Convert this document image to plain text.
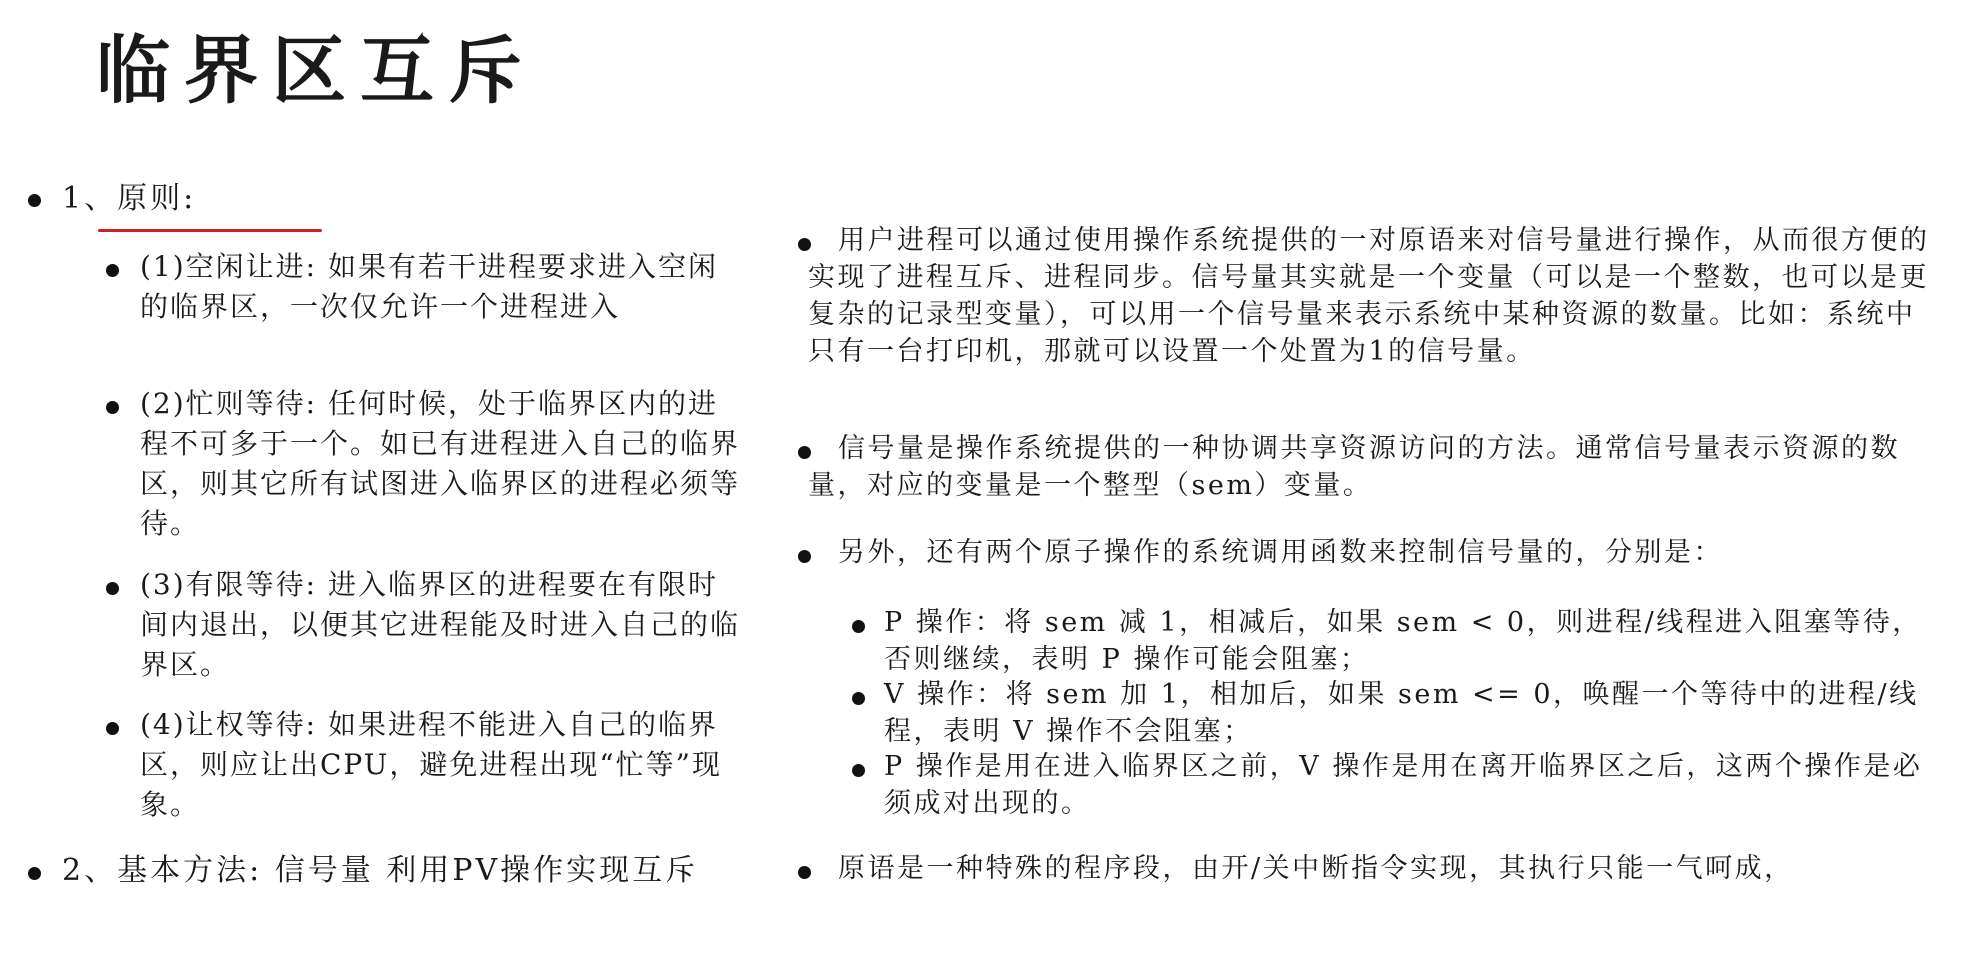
临界区互斥
1、原则:
(1)空闲让进: 如果有若干进程要求进入空闲的临界区，一次仅允许一个进程进入
(2)忙则等待: 任何时候，处于临界区内的进程不可多于一个。如已有进程进入自己的临界区，则其它所有试图进入临界区的进程必须等待。
(3)有限等待: 进入临界区的进程要在有限时间内退出，以便其它进程能及时进入自己的临界区。
(4)让权等待: 如果进程不能进入自己的临界区，则应让出CPU，避免进程出现“忙等”现象。
2、基本方法: 信号量 利用PV操作实现互斥
用户进程可以通过使用操作系统提供的一对原语来对信号量进行操作，从而很方便的实现了进程互斥、进程同步。信号量其实就是一个变量（可以是一个整数，也可以是更复杂的记录型变量），可以用一个信号量来表示系统中某种资源的数量。比如：系统中只有一台打印机，那就可以设置一个处置为1的信号量。
信号量是操作系统提供的一种协调共享资源访问的方法。通常信号量表示资源的数量，对应的变量是一个整型（sem）变量。
另外，还有两个原子操作的系统调用函数来控制信号量的，分别是：
P 操作：将 sem 减 1，相减后，如果 sem < 0，则进程/线程进入阻塞等待，否则继续，表明 P 操作可能会阻塞；
V 操作：将 sem 加 1，相加后，如果 sem <= 0，唤醒一个等待中的进程/线程，表明 V 操作不会阻塞；
P 操作是用在进入临界区之前，V 操作是用在离开临界区之后，这两个操作是必须成对出现的。
原语是一种特殊的程序段，由开/关中断指令实现，其执行只能一气呵成，
